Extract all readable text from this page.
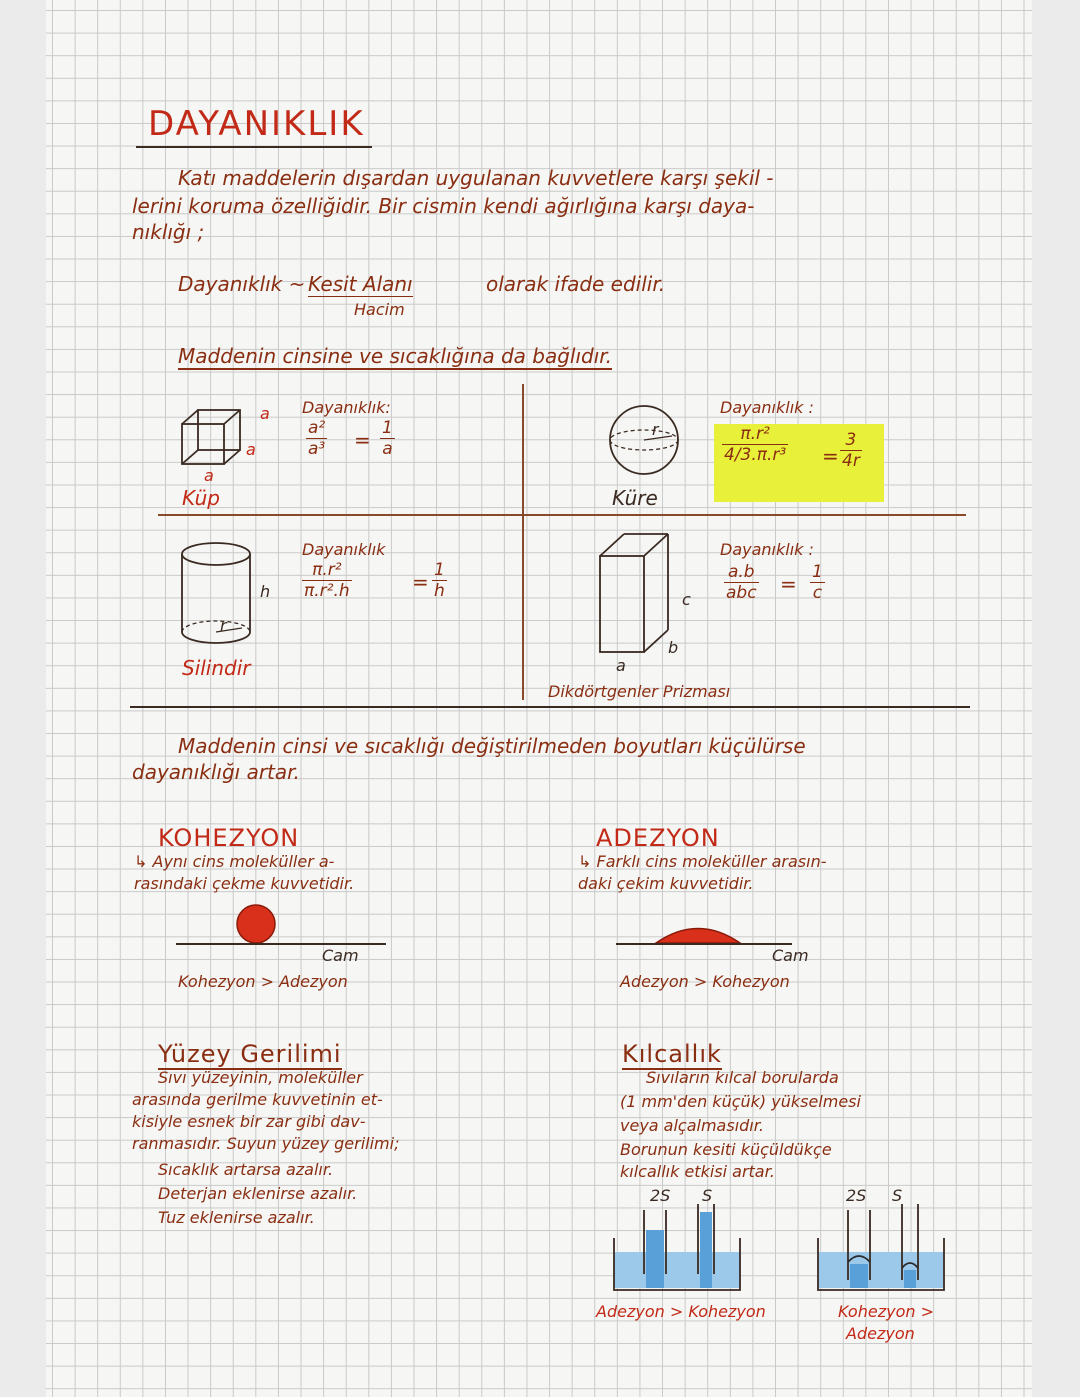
DAYANIKLIK
Katı maddelerin dışardan uygulanan kuvvetlere karşı şekil -
lerini koruma özelliğidir. Bir cismin kendi ağırlığına karşı daya-
nıklığı ;
Dayanıklık ~ Kesit Alanı
Hacim
olarak ifade edilir.
Maddenin cinsine ve sıcaklığına da bağlıdır.
a
a
a
Küp
Dayanıklık:
$\frac{\text{a²}}{\text{a³}} = \frac{1}{a}$	r
Küre
Dayanıklık :
$\frac{\text{π.r²}}{\text{4/3.π.r³}} = \frac{3}{4r}$
h
r
Silindir
Dayanıklık
$\frac{\text{π.r²}}{\text{π.r².h}}$	= $\frac{1}{h}$	c
b
a
Dikdörtgenler Prizması
Dayanıklık :
a.b
abc = $\frac{1}{c}$
Maddenin cinsi ve sıcaklığı değiştirilmeden boyutları küçülürse
dayanıklığı artar.
KOHEZYON
↳ Aynı cins moleküller a-
rasındaki çekme kuvvetidir.
Cam
Kohezyon > Adezyon
ADEZYON
↳ Farklı cins moleküller arasın-
daki çekim kuvvetidir.
Cam
Adezyon > Kohezyon
Yüzey Gerilimi
Sıvı yüzeyinin, moleküller
arasında gerilme kuvvetinin et-
kisiyle esnek bir zar gibi dav-
ranmasıdır. Suyun yüzey gerilimi;
Sıcaklık artarsa azalır.
Deterjan eklenirse azalır.
Tuz eklenirse azalır.
Kılcallık
Sıvıların kılcal borularda
(1 mm'den küçük) yükselmesi
veya alçalmasıdır.
Borunun kesiti küçüldükçe
kılcallık etkisi artar.
2S S	2S S
Adezyon > Kohezyon	Kohezyon >
Adezyon
